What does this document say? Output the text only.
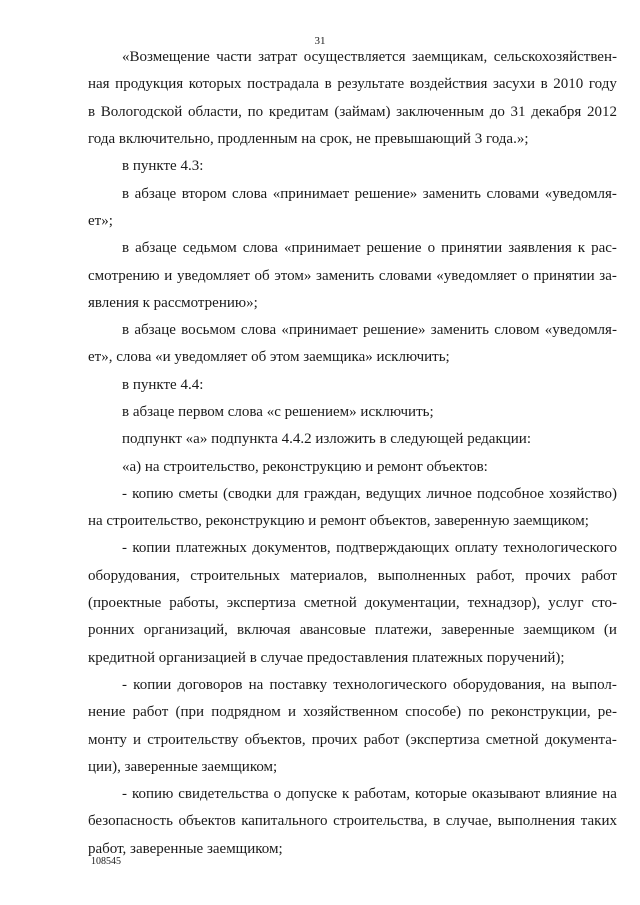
31
«Возмещение части затрат осуществляется заемщикам, сельскохозяйствен-
ная продукция которых пострадала в результате воздействия засухи в 2010 году
в Вологодской области, по кредитам (займам) заключенным до 31 декабря 2012
года включительно, продленным на срок, не превышающий 3 года.»;
в пункте 4.3:
в абзаце втором слова «принимает решение» заменить словами «уведомля-
ет»;
в абзаце седьмом слова «принимает решение о принятии заявления к рас-
смотрению и уведомляет об этом» заменить словами «уведомляет о принятии за-
явления к рассмотрению»;
в абзаце восьмом слова «принимает решение» заменить словом «уведомля-
ет», слова «и уведомляет об этом заемщика» исключить;
в пункте 4.4:
в абзаце первом слова «с решением» исключить;
подпункт «а» подпункта 4.4.2 изложить в следующей редакции:
«а) на строительство, реконструкцию и ремонт объектов:
- копию сметы (сводки для граждан, ведущих личное подсобное хозяйство)
на строительство, реконструкцию и ремонт объектов, заверенную заемщиком;
- копии платежных документов, подтверждающих оплату технологического
оборудования, строительных материалов, выполненных работ, прочих работ
(проектные работы, экспертиза сметной документации, технадзор), услуг сто-
ронних организаций, включая авансовые платежи, заверенные заемщиком (и
кредитной организацией в случае предоставления платежных поручений);
- копии договоров на поставку технологического оборудования, на выпол-
нение работ (при подрядном и хозяйственном способе) по реконструкции, ре-
монту и строительству объектов, прочих работ (экспертиза сметной документа-
ции), заверенные заемщиком;
- копию свидетельства о допуске к работам, которые оказывают влияние на
безопасность объектов капитального строительства, в случае, выполнения таких
работ, заверенные заемщиком;
108545
